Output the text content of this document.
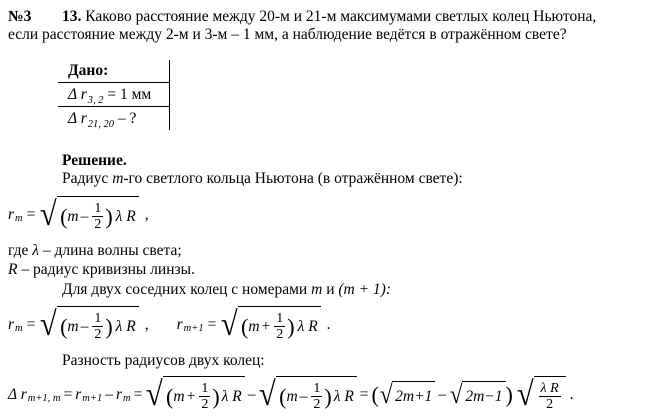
№3 13. Каково расстояние между 20-м и 21-м максимумами светлых колец Ньютона,
если расстояние между 2-м и 3-м – 1 мм, а наблюдение ведётся в отражённом свете?
Дано:
Δ $r_{3, 2} = 1$ мм
Δ $r_{21, 20}$ – ?
Решение.
Радиус m-го светлого кольца Ньютона (в отражённом свете):
r m = √ ( m – $\frac{1}{2}$ ) λ R ,
где λ – длина волны света;
R – радиус кривизны линзы.
Для двух соседних колец с номерами m и (m + 1):
r m = √ ( m – $\frac{1}{2}$ ) λ R , r m+1 = √ ( $m + \frac{1}{2}$ ) λ R .
Разность радиусов двух колец:
Δ r m+1, m = r m+1 – r m = √ ( $m + \frac{1}{2}$ ) λ R – √ ( m – $\frac{1}{2}$ ) λ R = ( √ 2m+1 – √ 2m−1 ) √ $\frac{\text{λ R}}{2}$ .
